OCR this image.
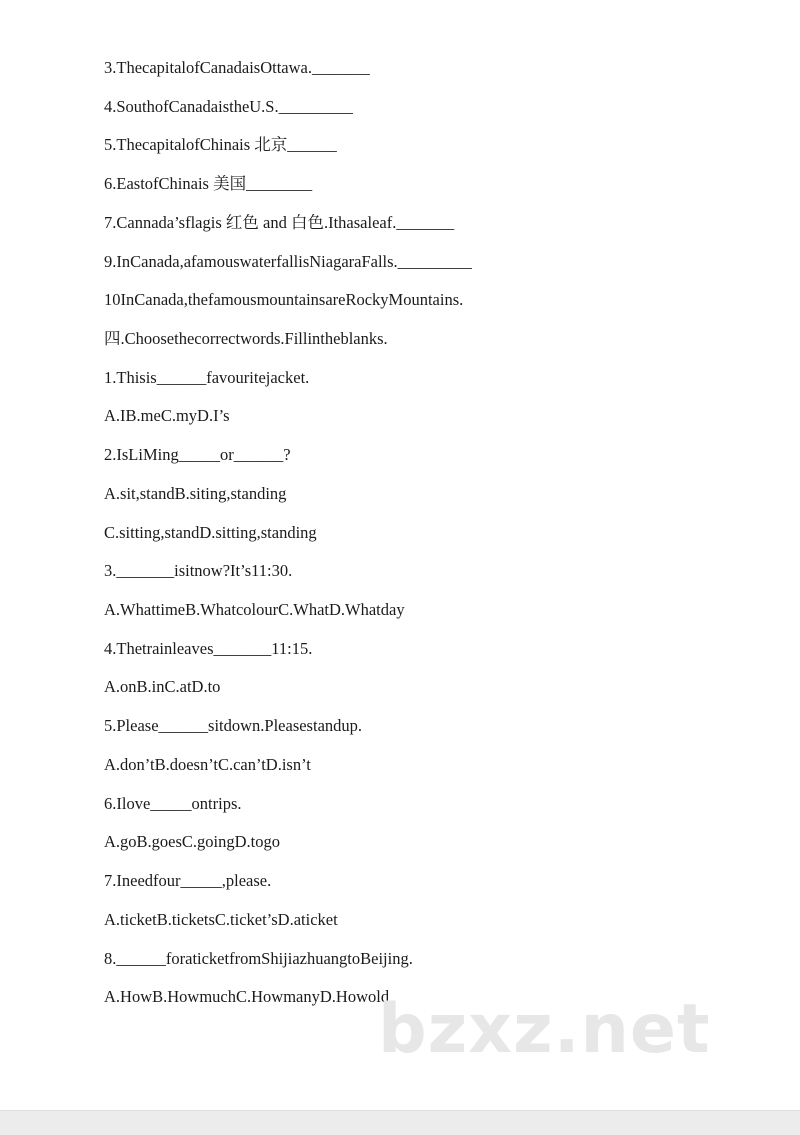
3.ThecapitalofCanadaisOttawa._______
4.SouthofCanadaistheU.S._________
5.ThecapitalofChinais 北京______
6.EastofChinais 美国________
7.Cannada’sflagis 红色 and 白色.Ithasaleaf._______
9.InCanada,afamouswaterfallisNiagaraFalls._________
10InCanada,thefamousmountainsareRockyMountains.
四.Choosethecorrectwords.Fillintheblanks.
1.Thisis______favouritejacket.
A.IB.meC.myD.I’s
2.IsLiMing_____or______?
A.sit,standB.siting,standing
C.sitting,standD.sitting,standing
3._______isitnow?It’s11:30.
A.WhattimeB.WhatcolourC.WhatD.Whatday
4.Thetrainleaves_______11:15.
A.onB.inC.atD.to
5.Please______sitdown.Pleasestandup.
A.don’tB.doesn’tC.can’tD.isn’t
6.Ilove_____ontrips.
A.goB.goesC.goingD.togo
7.Ineedfour_____,please.
A.ticketB.ticketsC.ticket’sD.aticket
8.______foraticketfromShijiazhuangtoBeijing.
A.HowB.HowmuchC.HowmanyD.Howold
bzxz.net
